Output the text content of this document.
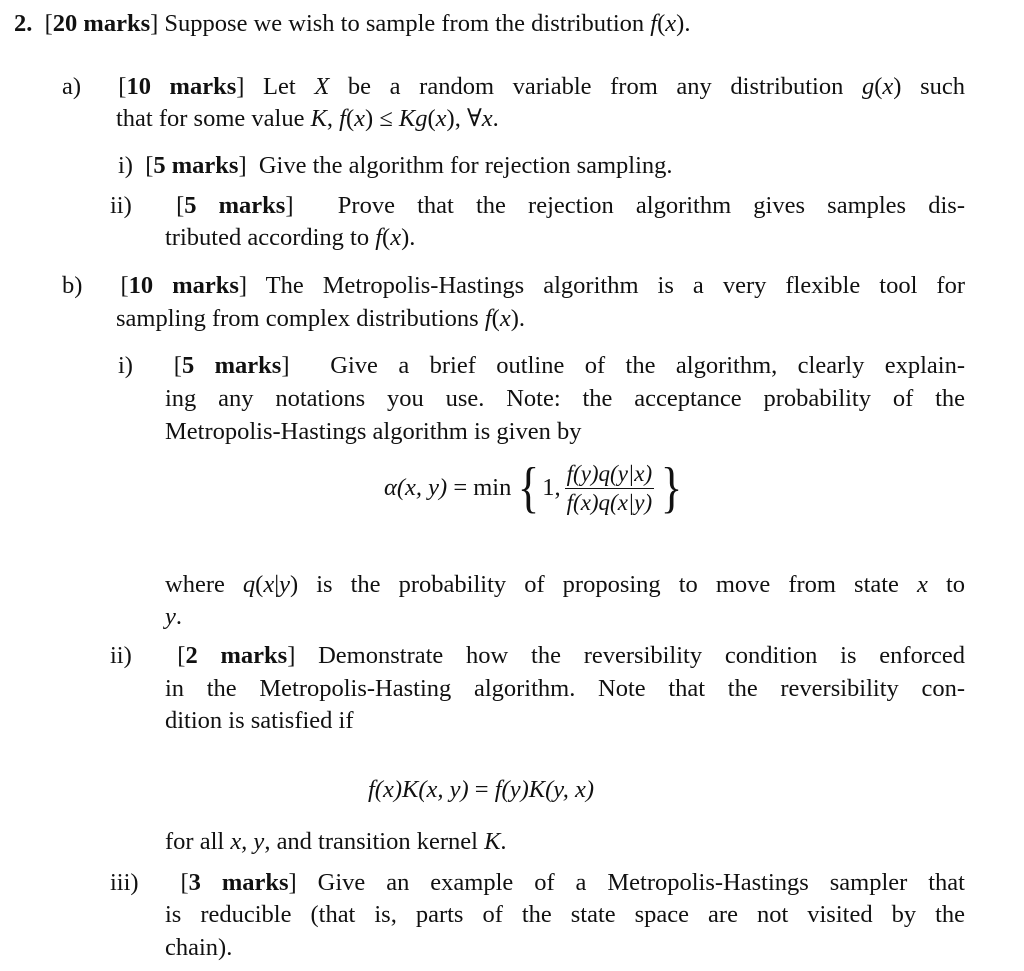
2.  [20 marks] Suppose we wish to sample from the distribution f(x).
a)  [10 marks] Let X be a random variable from any distribution g(x) such
that for some value K, f(x) ≤ Kg(x), ∀x.
i)  [5 marks]  Give the algorithm for rejection sampling.
ii)  [5 marks]  Prove that the rejection algorithm gives samples dis-
tributed according to f(x).
b)  [10 marks] The Metropolis-Hastings algorithm is a very flexible tool for
sampling from complex distributions f(x).
i)  [5 marks]  Give a brief outline of the algorithm, clearly explain-
ing any notations you use. Note: the acceptance probability of the
Metropolis-Hastings algorithm is given by
α(x, y) = min { 1, $\frac{f(y)q(y|x)}{f(x)q(x|y)}$ }
where q(x|y) is the probability of proposing to move from state x to
y.
ii)  [2 marks] Demonstrate how the reversibility condition is enforced
in the Metropolis-Hasting algorithm. Note that the reversibility con-
dition is satisfied if
f(x)K(x, y) = f(y)K(y, x)
for all x, y, and transition kernel K.
iii)  [3 marks] Give an example of a Metropolis-Hastings sampler that
is reducible (that is, parts of the state space are not visited by the
chain).
